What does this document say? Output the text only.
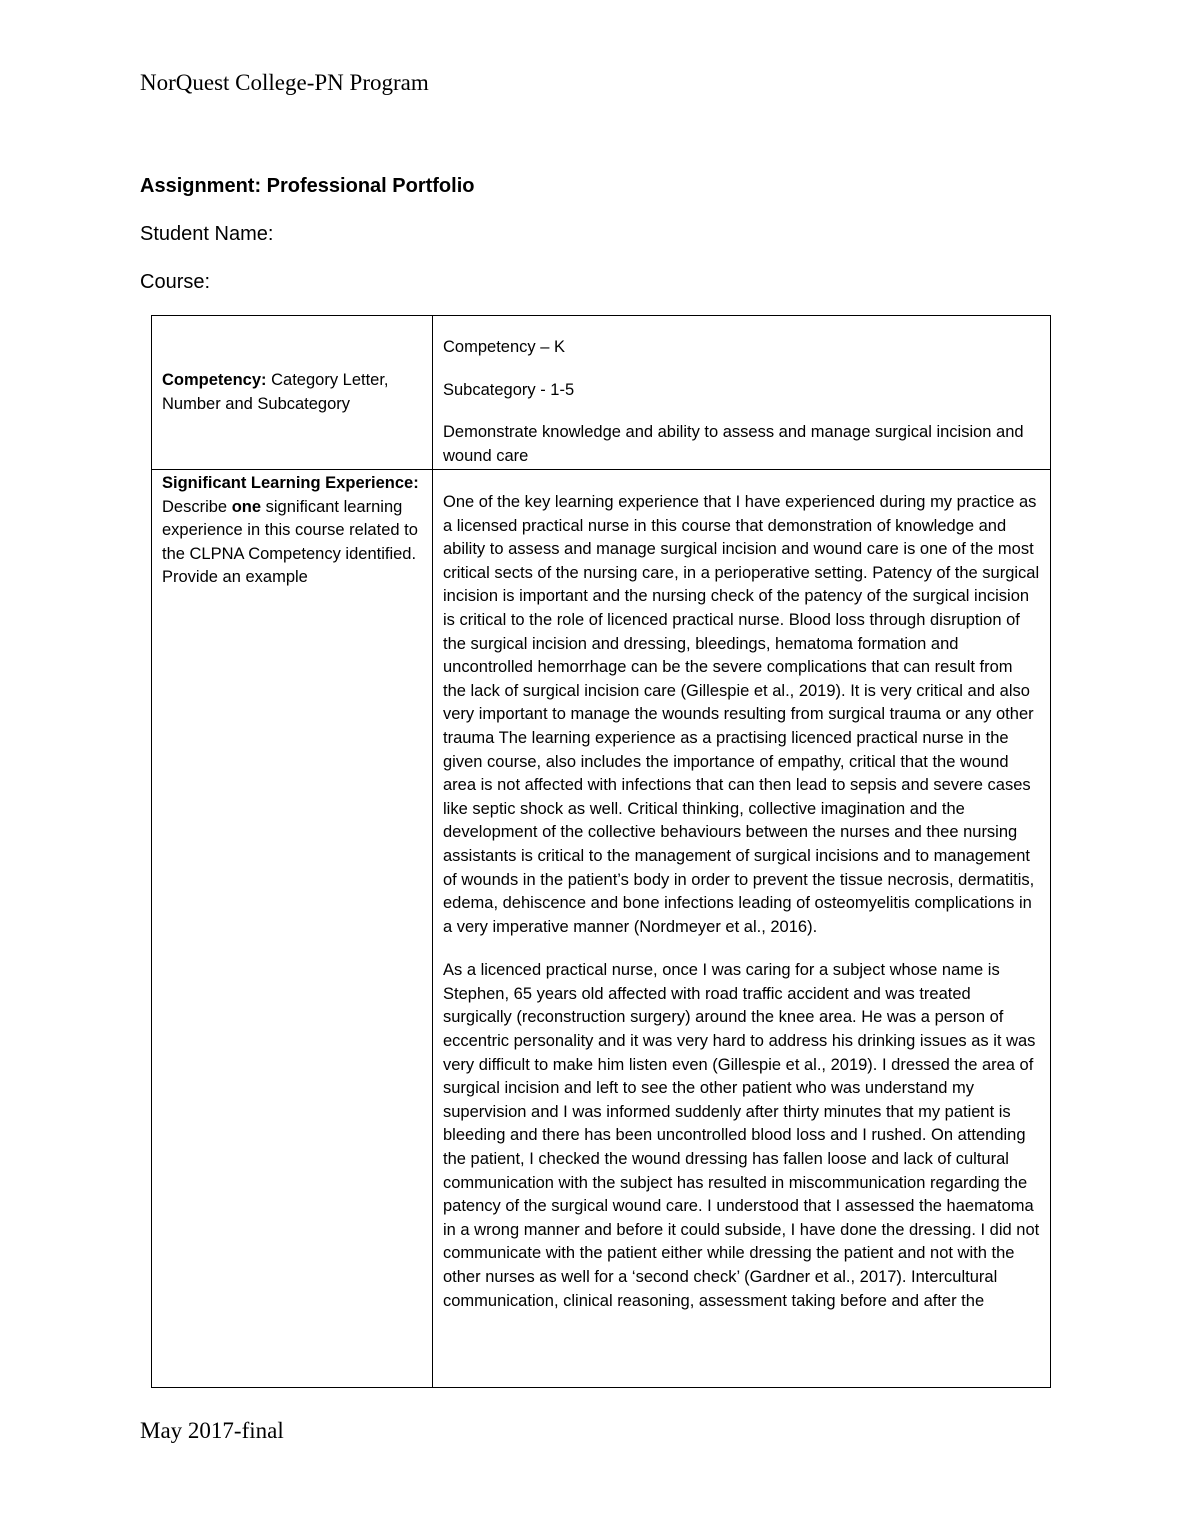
NorQuest College-PN Program
Assignment: Professional Portfolio
Student Name:
Course:
Competency: Category Letter, Number and Subcategory	Competency – K

Subcategory - 1-5

Demonstrate knowledge and ability to assess and manage surgical incision and wound care

Significant Learning Experience: Describe one significant learning experience in this course related to the CLPNA Competency identified. Provide an example	One of the key learning experience that I have experienced during my practice as a licensed practical nurse in this course that demonstration of knowledge and ability to assess and manage surgical incision and wound care is one of the most critical sects of the nursing care, in a perioperative setting. Patency of the surgical incision is important and the nursing check of the patency of the surgical incision is critical to the role of licenced practical nurse. Blood loss through disruption of the surgical incision and dressing, bleedings, hematoma formation and uncontrolled hemorrhage can be the severe complications that can result from the lack of surgical incision care (Gillespie et al., 2019). It is very critical and also very important to manage the wounds resulting from surgical trauma or any other trauma The learning experience as a practising licenced practical nurse in the given course, also includes the importance of empathy, critical that the wound area is not affected with infections that can then lead to sepsis and severe cases like septic shock as well. Critical thinking, collective imagination and the development of the collective behaviours between the nurses and thee nursing assistants is critical to the management of surgical incisions and to management of wounds in the patient’s body in order to prevent the tissue necrosis, dermatitis, edema, dehiscence and bone infections leading of osteomyelitis complications in a very imperative manner (Nordmeyer et al., 2016).

As a licenced practical nurse, once I was caring for a subject whose name is Stephen, 65 years old affected with road traffic accident and was treated surgically (reconstruction surgery) around the knee area. He was a person of eccentric personality and it was very hard to address his drinking issues as it was very difficult to make him listen even (Gillespie et al., 2019). I dressed the area of surgical incision and left to see the other patient who was understand my supervision and I was informed suddenly after thirty minutes that my patient is bleeding and there has been uncontrolled blood loss and I rushed. On attending the patient, I checked the wound dressing has fallen loose and lack of cultural communication with the subject has resulted in miscommunication regarding the patency of the surgical wound care. I understood that I assessed the haematoma in a wrong manner and before it could subside, I have done the dressing. I did not communicate with the patient either while dressing the patient and not with the other nurses as well for a ‘second check’ (Gardner et al., 2017). Intercultural communication, clinical reasoning, assessment taking before and after the

May 2017-final
